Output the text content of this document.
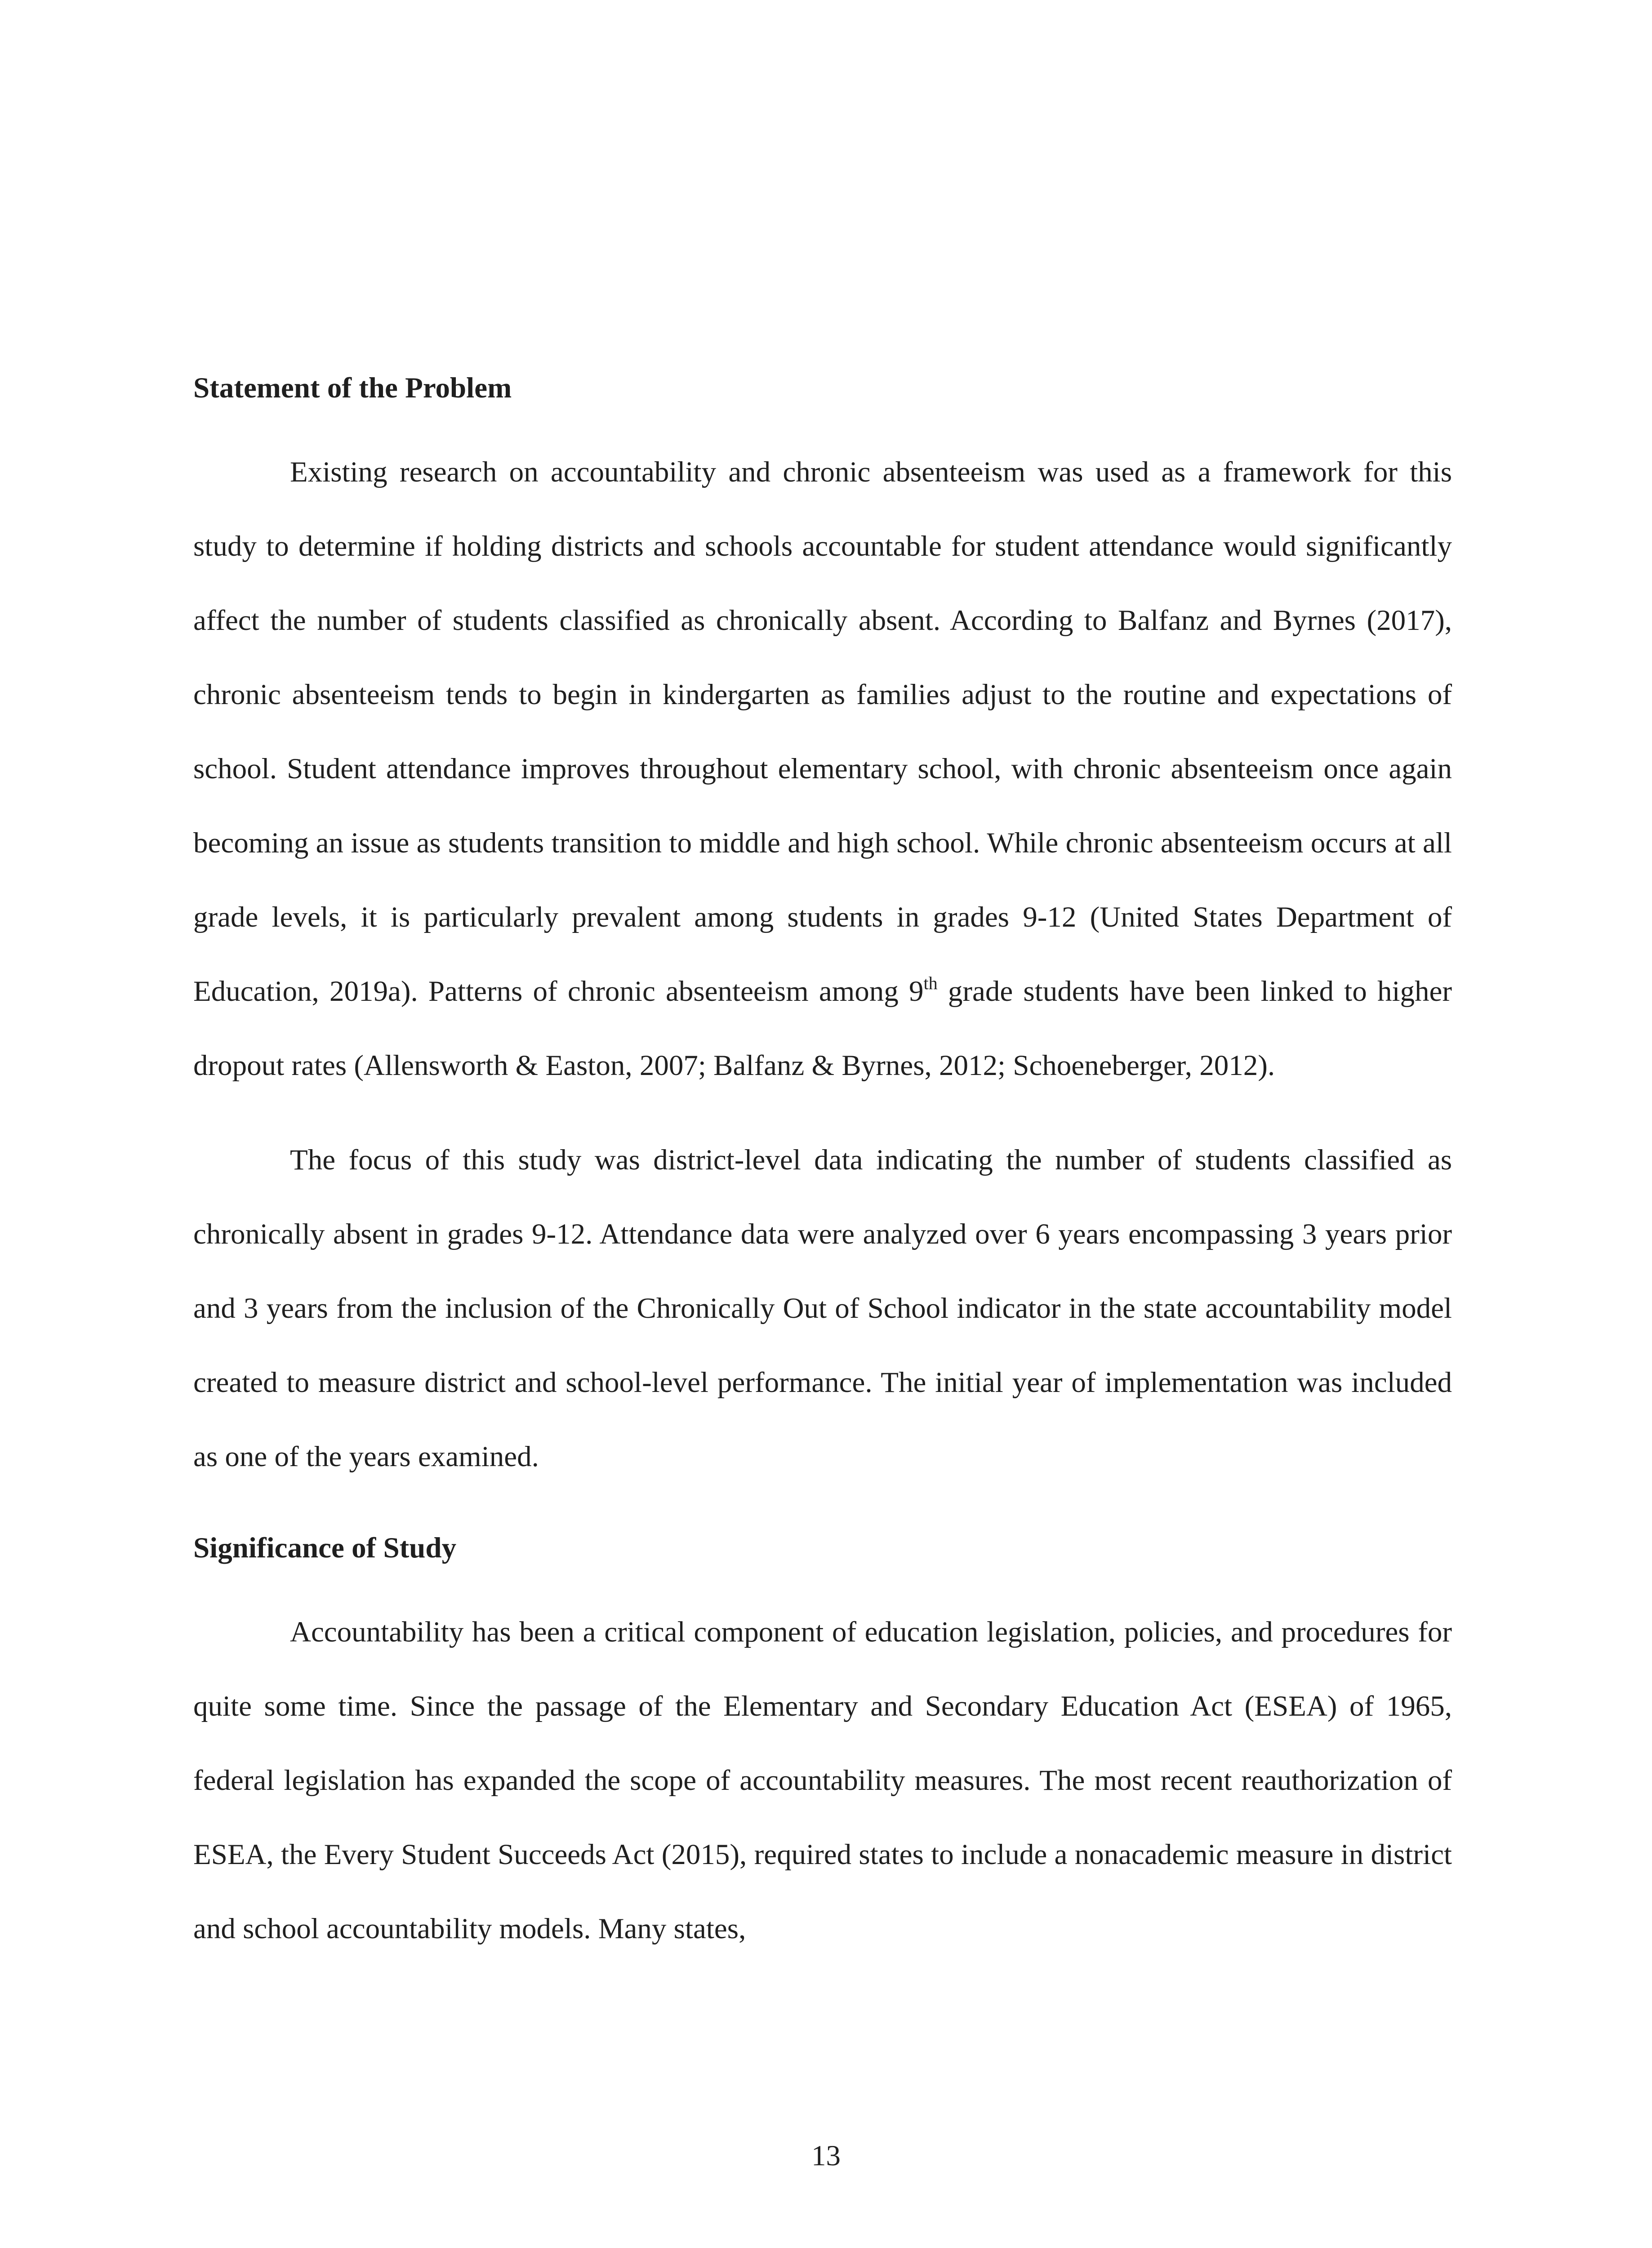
Statement of the Problem

Existing research on accountability and chronic absenteeism was used as a framework for this study to determine if holding districts and schools accountable for student attendance would significantly affect the number of students classified as chronically absent. According to Balfanz and Byrnes (2017), chronic absenteeism tends to begin in kindergarten as families adjust to the routine and expectations of school. Student attendance improves throughout elementary school, with chronic absenteeism once again becoming an issue as students transition to middle and high school. While chronic absenteeism occurs at all grade levels, it is particularly prevalent among students in grades 9-12 (United States Department of Education, 2019a). Patterns of chronic absenteeism among 9th grade students have been linked to higher dropout rates (Allensworth & Easton, 2007; Balfanz & Byrnes, 2012; Schoeneberger, 2012).

The focus of this study was district-level data indicating the number of students classified as chronically absent in grades 9-12. Attendance data were analyzed over 6 years encompassing 3 years prior and 3 years from the inclusion of the Chronically Out of School indicator in the state accountability model created to measure district and school-level performance. The initial year of implementation was included as one of the years examined.

Significance of Study

Accountability has been a critical component of education legislation, policies, and procedures for quite some time. Since the passage of the Elementary and Secondary Education Act (ESEA) of 1965, federal legislation has expanded the scope of accountability measures. The most recent reauthorization of ESEA, the Every Student Succeeds Act (2015), required states to include a nonacademic measure in district and school accountability models. Many states,

13
